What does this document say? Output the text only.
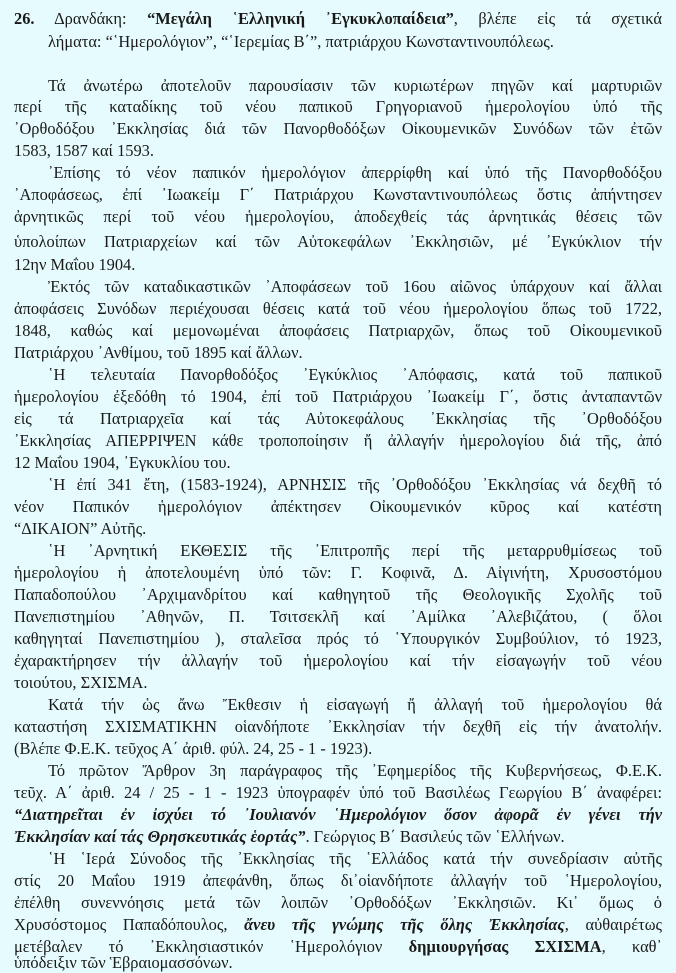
26. Δρανδάκη: “Μεγάλη ῾Ελληνική ᾽Εγκυκλοπαίδεια”, βλέπε εἰς τά σχετικά
λήματα: “῾Ημερολόγιον”, “῾Ιερεμίας Β΄”, πατριάρχου Κωνσταντινουπόλεως.
Τά ἀνωτέρω ἀποτελοῦν παρουσίασιν τῶν κυριωτέρων πηγῶν καί μαρτυριῶν
περί τῆς καταδίκης τοῦ νέου παπικοῦ Γρηγοριανοῦ ἡμερολογίου ὑπό τῆς
᾽Ορθοδόξου ᾽Εκκλησίας διά τῶν Πανορθοδόξων Οἰκουμενικῶν Συνόδων τῶν ἐτῶν
1583, 1587 καί 1593.
᾽Επίσης τό νέον παπικόν ἡμερολόγιον ἀπερρίφθη καί ὑπό τῆς Πανορθοδόξου
᾽Αποφάσεως, ἐπί ᾽Ιωακείμ Γ΄ Πατριάρχου Κωνσταντινουπόλεως ὅστις ἀπήντησεν
ἀρνητικῶς περί τοῦ νέου ἡμερολογίου, ἀποδεχθείς τάς ἀρνητικάς θέσεις τῶν
ὑπολοίπων Πατριαρχείων καί τῶν Αὐτοκεφάλων ᾽Εκκλησιῶν, μέ ᾽Εγκύκλιον τήν
12ην Μαΐου 1904.
Ἐκτός τῶν καταδικαστικῶν ᾽Αποφάσεων τοῦ 16ου αἰῶνος ὑπάρχουν καί ἄλλαι
ἀποφάσεις Συνόδων περιέχουσαι θέσεις κατά τοῦ νέου ἡμερολογίου ὅπως τοῦ 1722,
1848, καθώς καί μεμονωμέναι ἀποφάσεις Πατριαρχῶν, ὅπως τοῦ Οἰκουμενικοῦ
Πατριάρχου ᾽Ανθίμου, τοῦ 1895 καί ἄλλων.
῾Η τελευταία Πανορθοδόξος ᾽Εγκύκλιος ᾽Απόφασις, κατά τοῦ παπικοῦ
ἡμερολογίου ἐξεδόθη τό 1904, ἐπί τοῦ Πατριάρχου ᾽Ιωακείμ Γ΄, ὅστις ἀνταπαντῶν
εἰς τά Πατριαρχεῖα καί τάς Αὐτοκεφάλους ᾽Εκκλησίας τῆς ᾽Ορθοδόξου
᾽Εκκλησίας ΑΠΕΡΡΙΨΕΝ κάθε τροποποίησιν ἤ ἀλλαγήν ἡμερολογίου διά τῆς, ἀπό
12 Μαΐου 1904, ᾽Εγκυκλίου του.
῾Η ἐπί 341 ἔτη, (1583-1924), ΑΡΝΗΣΙΣ τῆς ᾽Ορθοδόξου ᾽Εκκλησίας νά δεχθῆ τό
νέον Παπικόν ἡμερολόγιον ἀπέκτησεν Οἰκουμενικόν κῦρος καί κατέστη
“ΔΙΚΑΙΟΝ” Αὐτῆς.
῾Η ᾽Αρνητική ΕΚΘΕΣΙΣ τῆς ᾽Επιτροπῆς περί τῆς μεταρρυθμίσεως τοῦ
ἡμερολογίου ἡ ἀποτελουμένη ὑπό τῶν: Γ. Κοφινᾶ, Δ. Αἰγινήτη, Χρυσοστόμου
Παπαδοπούλου ᾽Αρχιμανδρίτου καί καθηγητοῦ τῆς Θεολογικῆς Σχολῆς τοῦ
Πανεπιστημίου ᾽Αθηνῶν, Π. Τσιτσεκλῆ καί ᾽Αμίλκα ᾽Αλεβιζάτου, ( ὅλοι
καθηγηταί Πανεπιστημίου ), σταλεῖσα πρός τό ῾Υπουργικόν Συμβούλιον, τό 1923,
ἐχαρακτήρησεν τήν ἀλλαγήν τοῦ ἡμερολογίου καί τήν εἰσαγωγήν τοῦ νέου
τοιούτου, ΣΧΙΣΜΑ.
Κατά τήν ὡς ἄνω Ἔκθεσιν ἡ εἰσαγωγή ἤ ἀλλαγή τοῦ ἡμερολογίου θά
καταστήση ΣΧΙΣΜΑΤΙΚΗΝ οἱανδήποτε ᾽Εκκλησίαν τήν δεχθῆ εἰς τήν ἀνατολήν.
(Βλέπε Φ.Ε.Κ. τεῦχος Α΄ ἀριθ. φύλ. 24, 25 - 1 - 1923).
Τό πρῶτον Ἄρθρον 3η παράγραφος τῆς ᾽Εφημερίδος τῆς Κυβερνήσεως, Φ.Ε.Κ.
τεῦχ. Α΄ ἀριθ. 24 / 25 - 1 - 1923 ὑπογραφέν ὑπό τοῦ Βασιλέως Γεωργίου Β΄ ἀναφέρει:
“Διατηρεῖται ἐν ἰσχύει τό ᾽Ιουλιανόν ῾Ημερολόγιον ὅσον ἀφορᾶ ἐν γένει τήν
Ἐκκλησίαν καί τάς Θρησκευτικάς ἑορτάς”. Γεώργιος Β΄ Βασιλεύς τῶν ῾Ελλήνων.
῾Η ῾Ιερά Σύνοδος τῆς ᾽Εκκλησίας τῆς ῾Ελλάδος κατά τήν συνεδρίασιν αὐτῆς
στίς 20 Μαΐου 1919 ἀπεφάνθη, ὅπως δι᾽οἱανδήποτε ἀλλαγήν τοῦ ῾Ημερολογίου,
ἐπέλθη συνεννόησις μετά τῶν λοιπῶν ᾽Ορθοδόξων ᾽Εκκλησιῶν. Κι᾽ ὅμως ὁ
Χρυσόστομος Παπαδόπουλος, ἄνευ τῆς γνώμης τῆς ὅλης Ἐκκλησίας, αὐθαιρέτως
μετέβαλεν τό ᾽Εκκλησιαστικόν ῾Ημερολόγιον δημιουργήσας ΣΧΙΣΜΑ, καθ᾽
ὑπόδειξιν τῶν Ἑβραιομασσόνων.
